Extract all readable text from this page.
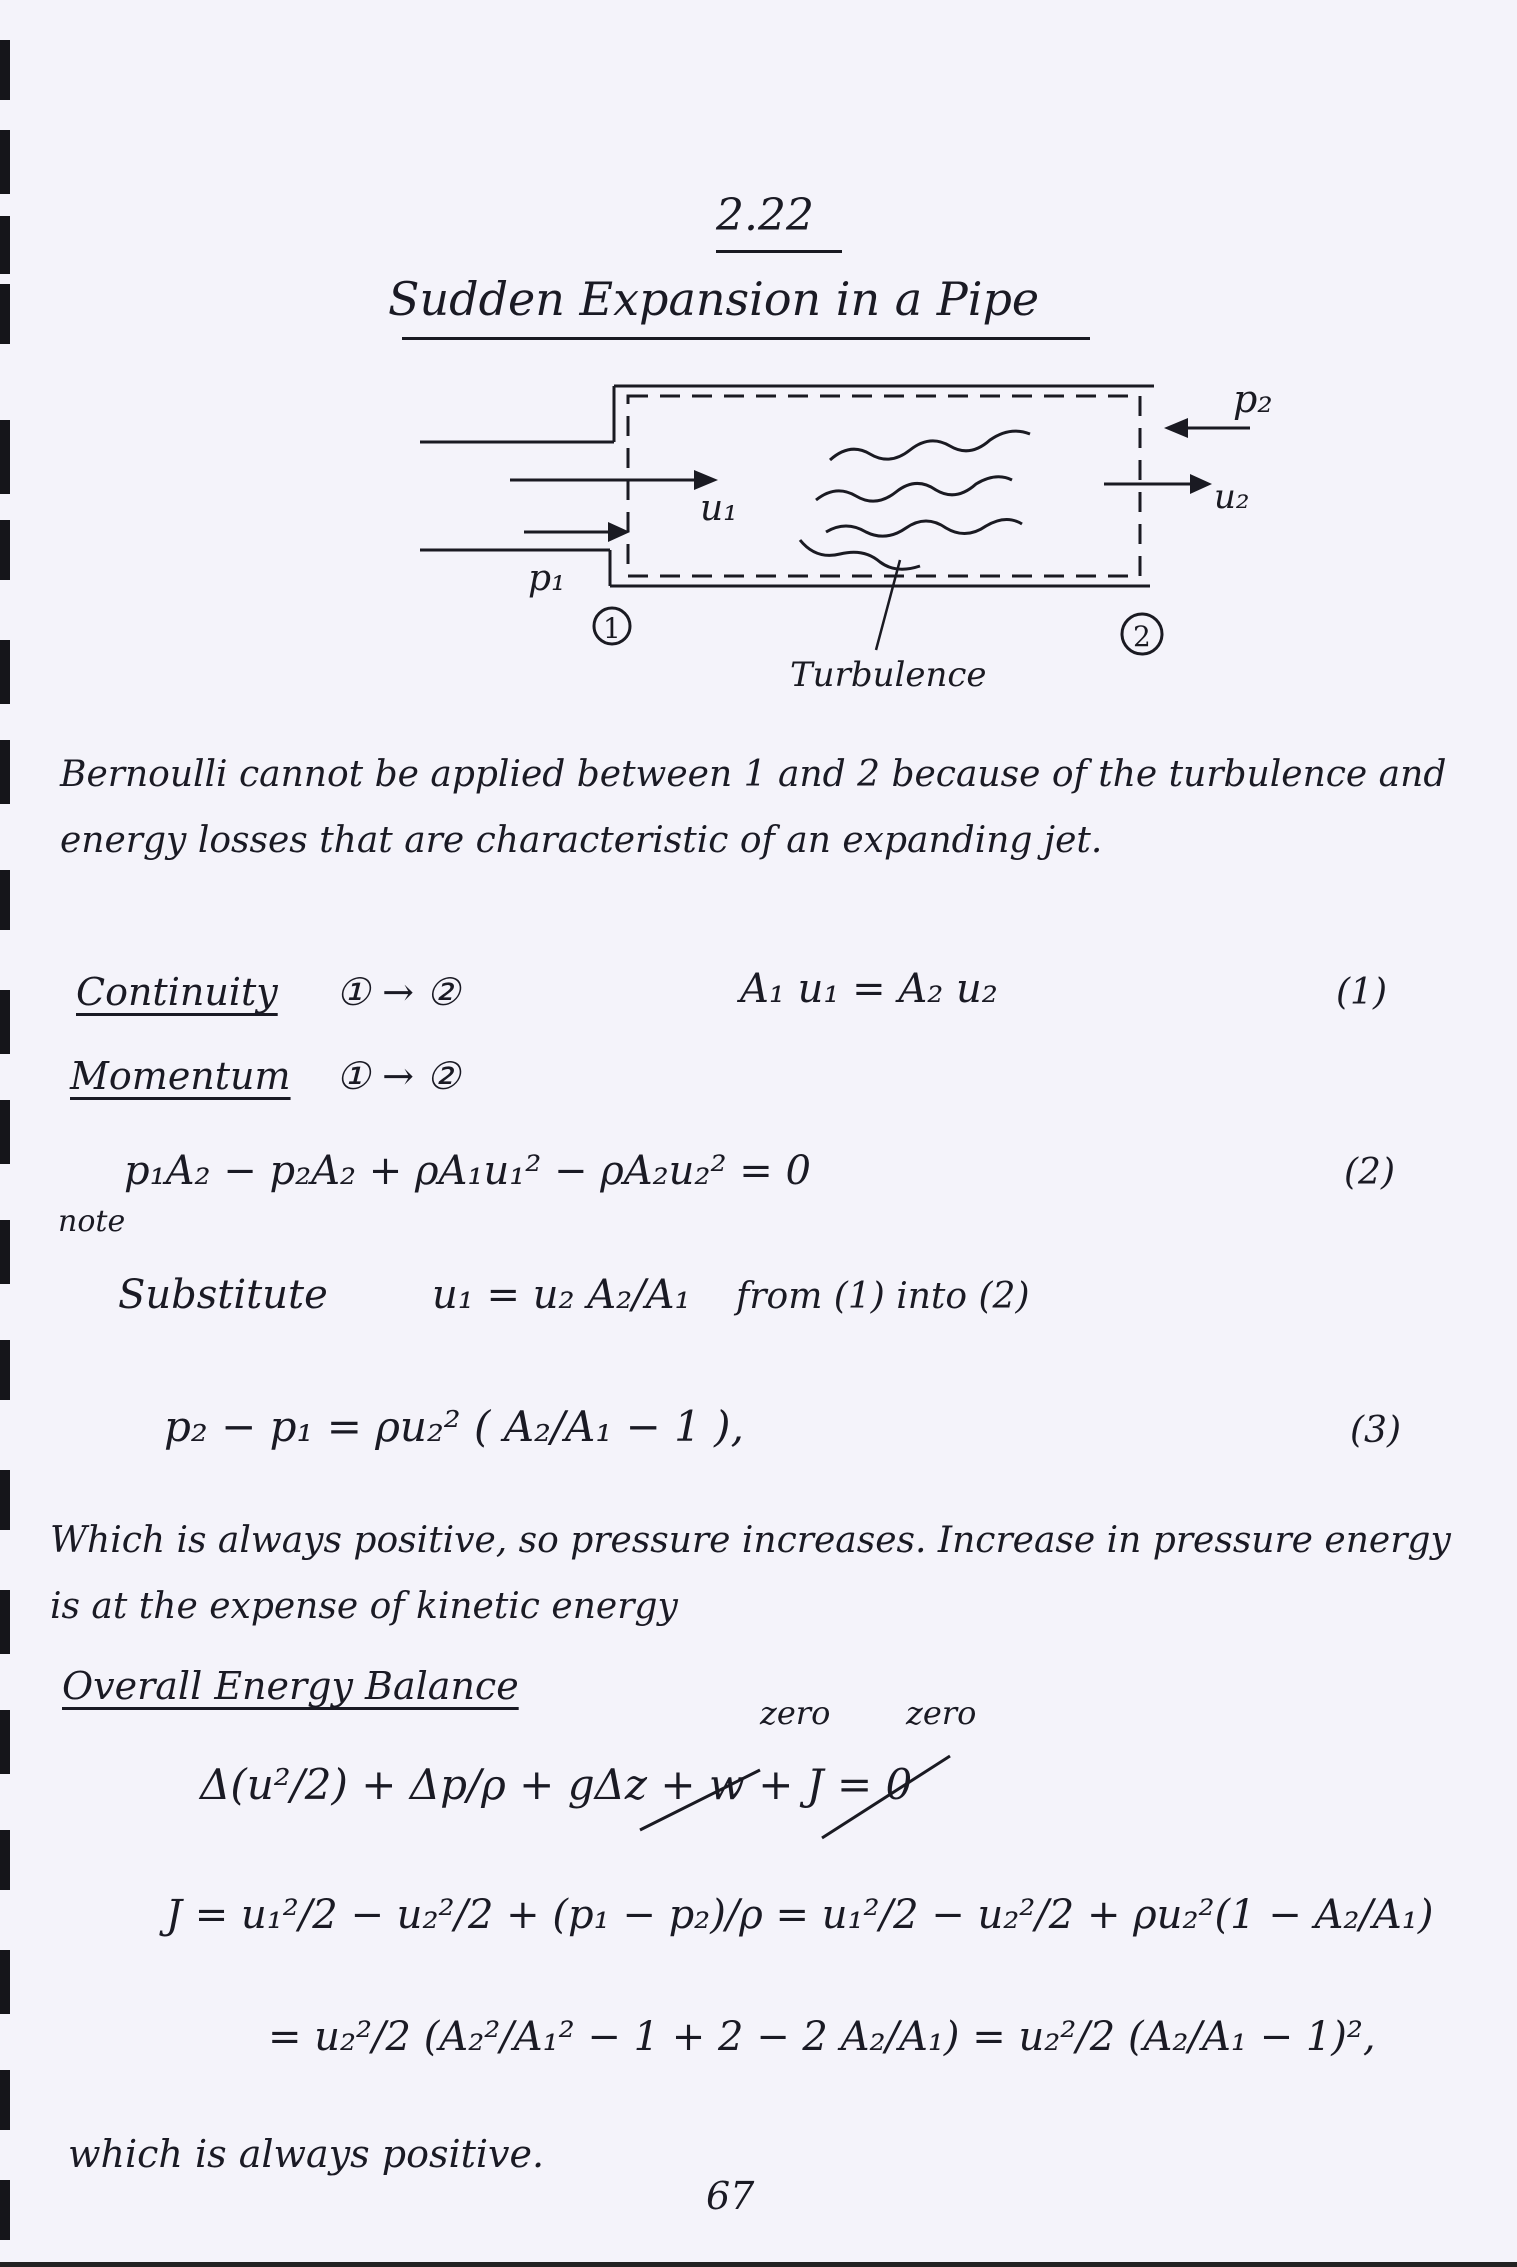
2.22
Sudden Expansion in a Pipe
p₂
u₂
u₁
p₁
1	2
Turbulence
Bernoulli cannot be applied between 1 and 2 because of the turbulence and energy losses that are characteristic of an expanding jet.
Continuity ① → ②	A₁ u₁ = A₂ u₂	(1)
Momentum ① → ②
p₁A₂ − p₂A₂ + ρA₁u₁² − ρA₂u₂² = 0	(2)
note
Substitute	u₁ = u₂ A₂/A₁ from (1) into (2)
p₂ − p₁ = ρu₂² ( A₂/A₁ − 1 ),	(3)
Which is always positive, so pressure increases. Increase in pressure energy is at the expense of kinetic energy
Overall Energy Balance
zero zero
Δ(u²/2) + Δp/ρ + gΔz + w + J = 0
J = u₁²/2 − u₂²/2 + (p₁ − p₂)/ρ = u₁²/2 − u₂²/2 + ρu₂²(1 − A₂/A₁)
= u₂²/2 (A₂²/A₁² − 1 + 2 − 2 A₂/A₁) = u₂²/2 (A₂/A₁ − 1)²,
which is always positive.
67
